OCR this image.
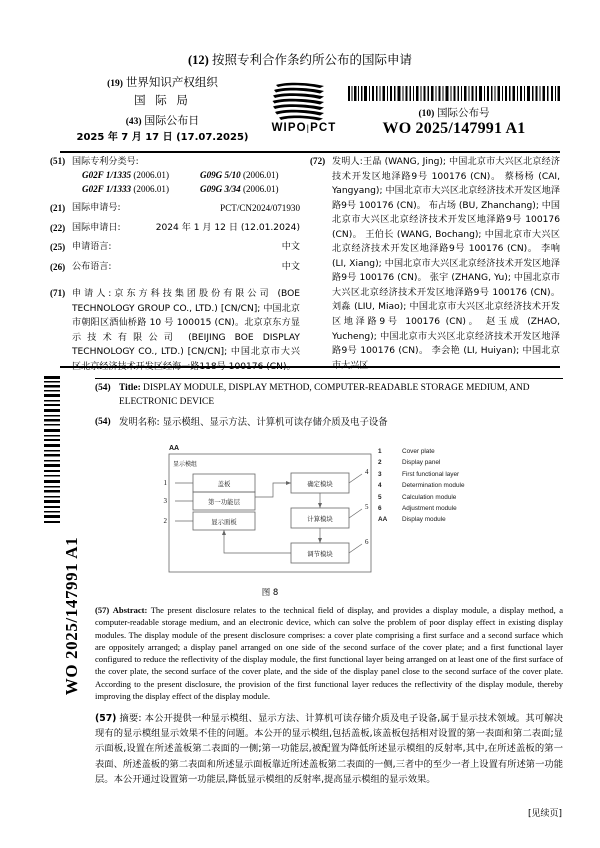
WO 2025/147991 A1
(12) 按照专利合作条约所公布的国际申请
(19) 世界知识产权组织
国 际 局
(43) 国际公布日
2025 年 7 月 17 日 (17.07.2025)
WIPO|PCT
(10) 国际公布号
WO 2025/147991 A1
(51) 国际专利分类号:
G02F 1/1335 (2006.01)	G09G 5/10 (2006.01)
G02F 1/1333 (2006.01)	G09G 3/34 (2006.01)
(21) 国际申请号:	PCT/CN2024/071930
(22) 国际申请日:	2024 年 1 月 12 日 (12.01.2024)
(25) 申请语言:	中文
(26) 公布语言:	中文
(71) 申请人:京东方科技集团股份有限公司 (BOE TECHNOLOGY GROUP CO., LTD.) [CN/CN]; 中国北京市朝阳区酒仙桥路 10 号 100015 (CN)。北京京东方显示技术有限公司 (BEIJING BOE DISPLAY TECHNOLOGY CO., LTD.) [CN/CN]; 中国北京市大兴区北京经济技术开发区经海一路118号 100176 (CN)。
(72) 发明人:王晶 (WANG, Jing); 中国北京市大兴区北京经济技术开发区地泽路9号 100176 (CN)。 蔡杨杨 (CAI, Yangyang); 中国北京市大兴区北京经济技术开发区地泽路9号 100176 (CN)。 布占场 (BU, Zhanchang); 中国北京市大兴区北京经济技术开发区地泽路9号 100176 (CN)。 王伯长 (WANG, Bochang); 中国北京市大兴区北京经济技术开发区地泽路9号 100176 (CN)。 李响 (LI, Xiang); 中国北京市大兴区北京经济技术开发区地泽路9号 100176 (CN)。 张宇 (ZHANG, Yu); 中国北京市大兴区北京经济技术开发区地泽路9号 100176 (CN)。 刘淼 (LIU, Miao); 中国北京市大兴区北京经济技术开发区地泽路9号 100176 (CN)。 赵玉成 (ZHAO, Yucheng); 中国北京市大兴区北京经济技术开发区地泽路9号 100176 (CN)。 李会艳 (LI, Huiyan); 中国北京市大兴区
(54) Title: DISPLAY MODULE, DISPLAY METHOD, COMPUTER-READABLE STORAGE MEDIUM, AND ELECTRONIC DEVICE
(54) 发明名称: 显示模组、显示方法、计算机可读存储介质及电子设备
盖板
第一功能层
显示面板
确定模块
计算模块
调节模块
显示模组
1
3
2
4
5
6
AA
图 8
1	Cover plate
2	Display panel
3	First functional layer
4	Determination module
5	Calculation module
6	Adjustment module
AA	Display module
(57) Abstract: The present disclosure relates to the technical field of display, and provides a display module, a display method, a computer-readable storage medium, and an electronic device, which can solve the problem of poor display effect in existing display modules. The display module of the present disclosure comprises: a cover plate comprising a first surface and a second surface which are oppositely arranged; a display panel arranged on one side of the second surface of the cover plate; and a first functional layer configured to reduce the reflectivity of the display module, the first functional layer being arranged on at least one of the first surface of the cover plate, the second surface of the cover plate, and the side of the display panel close to the second surface of the cover plate. According to the present disclosure, the provision of the first functional layer reduces the reflectivity of the display module, thereby improving the display effect of the display module.
(57) 摘要: 本公开提供一种显示模组、显示方法、计算机可读存储介质及电子设备,属于显示技术领域。其可解决现有的显示模组显示效果不佳的问题。本公开的显示模组,包括盖板,该盖板包括相对设置的第一表面和第二表面;显示面板,设置在所述盖板第二表面的一侧;第一功能层,被配置为降低所述显示模组的反射率,其中,在所述盖板的第一表面、所述盖板的第二表面和所述显示面板靠近所述盖板第二表面的一侧,三者中的至少一者上设置有所述第一功能层。本公开通过设置第一功能层,降低显示模组的反射率,提高显示模组的显示效果。
[见续页]
